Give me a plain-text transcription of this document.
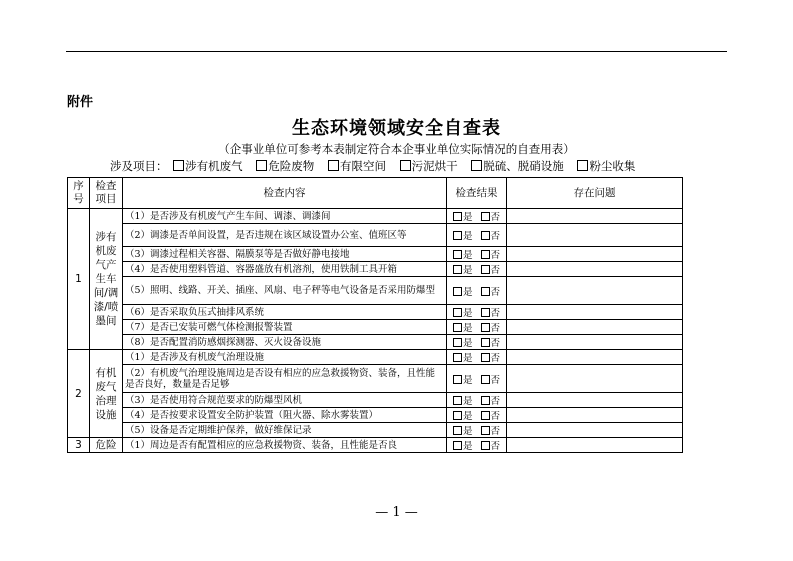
附件
生态环境领域安全自查表
（企事业单位可参考本表制定符合本企事业单位实际情况的自查用表）
涉及项目： 涉有机废气 危险废物 有限空间 污泥烘干 脱硫、脱硝设施 粉尘收集
序号	检查项目	检查内容	检查结果	存在问题
1	涉有机废气产生车间/调漆/喷墨间	（1）是否涉及有机废气产生车间、调漆、调漆间	是 否	
		（2）调漆是否单间设置，是否违规在该区域设置办公室、值班区等	是 否	
		（3）调漆过程相关容器、隔膜泵等是否做好静电接地	是 否	
		（4）是否使用塑料管道、容器盛放有机溶剂，使用铁制工具开箱	是 否	
		（5）照明、线路、开关、插座、风扇、电子秤等电气设备是否采用防爆型	是 否	
		（6）是否采取负压式抽排风系统	是 否	
		（7）是否已安装可燃气体检测报警装置	是 否	
		（8）是否配置消防感烟探测器、灭火设备设施	是 否	
2	有机废气治理设施	（1）是否涉及有机废气治理设施	是 否	
		（2）有机废气治理设施周边是否设有相应的应急救援物资、装备，且性能是否良好，数量是否足够	是 否	
		（3）是否使用符合规范要求的防爆型风机	是 否	
		（4）是否按要求设置安全防护装置（阻火器、除水雾装置）	是 否	
		（5）设备是否定期维护保养，做好维保记录	是 否	
3	危险	（1）周边是否有配置相应的应急救援物资、装备，且性能是否良	是 否	
— 1 —
